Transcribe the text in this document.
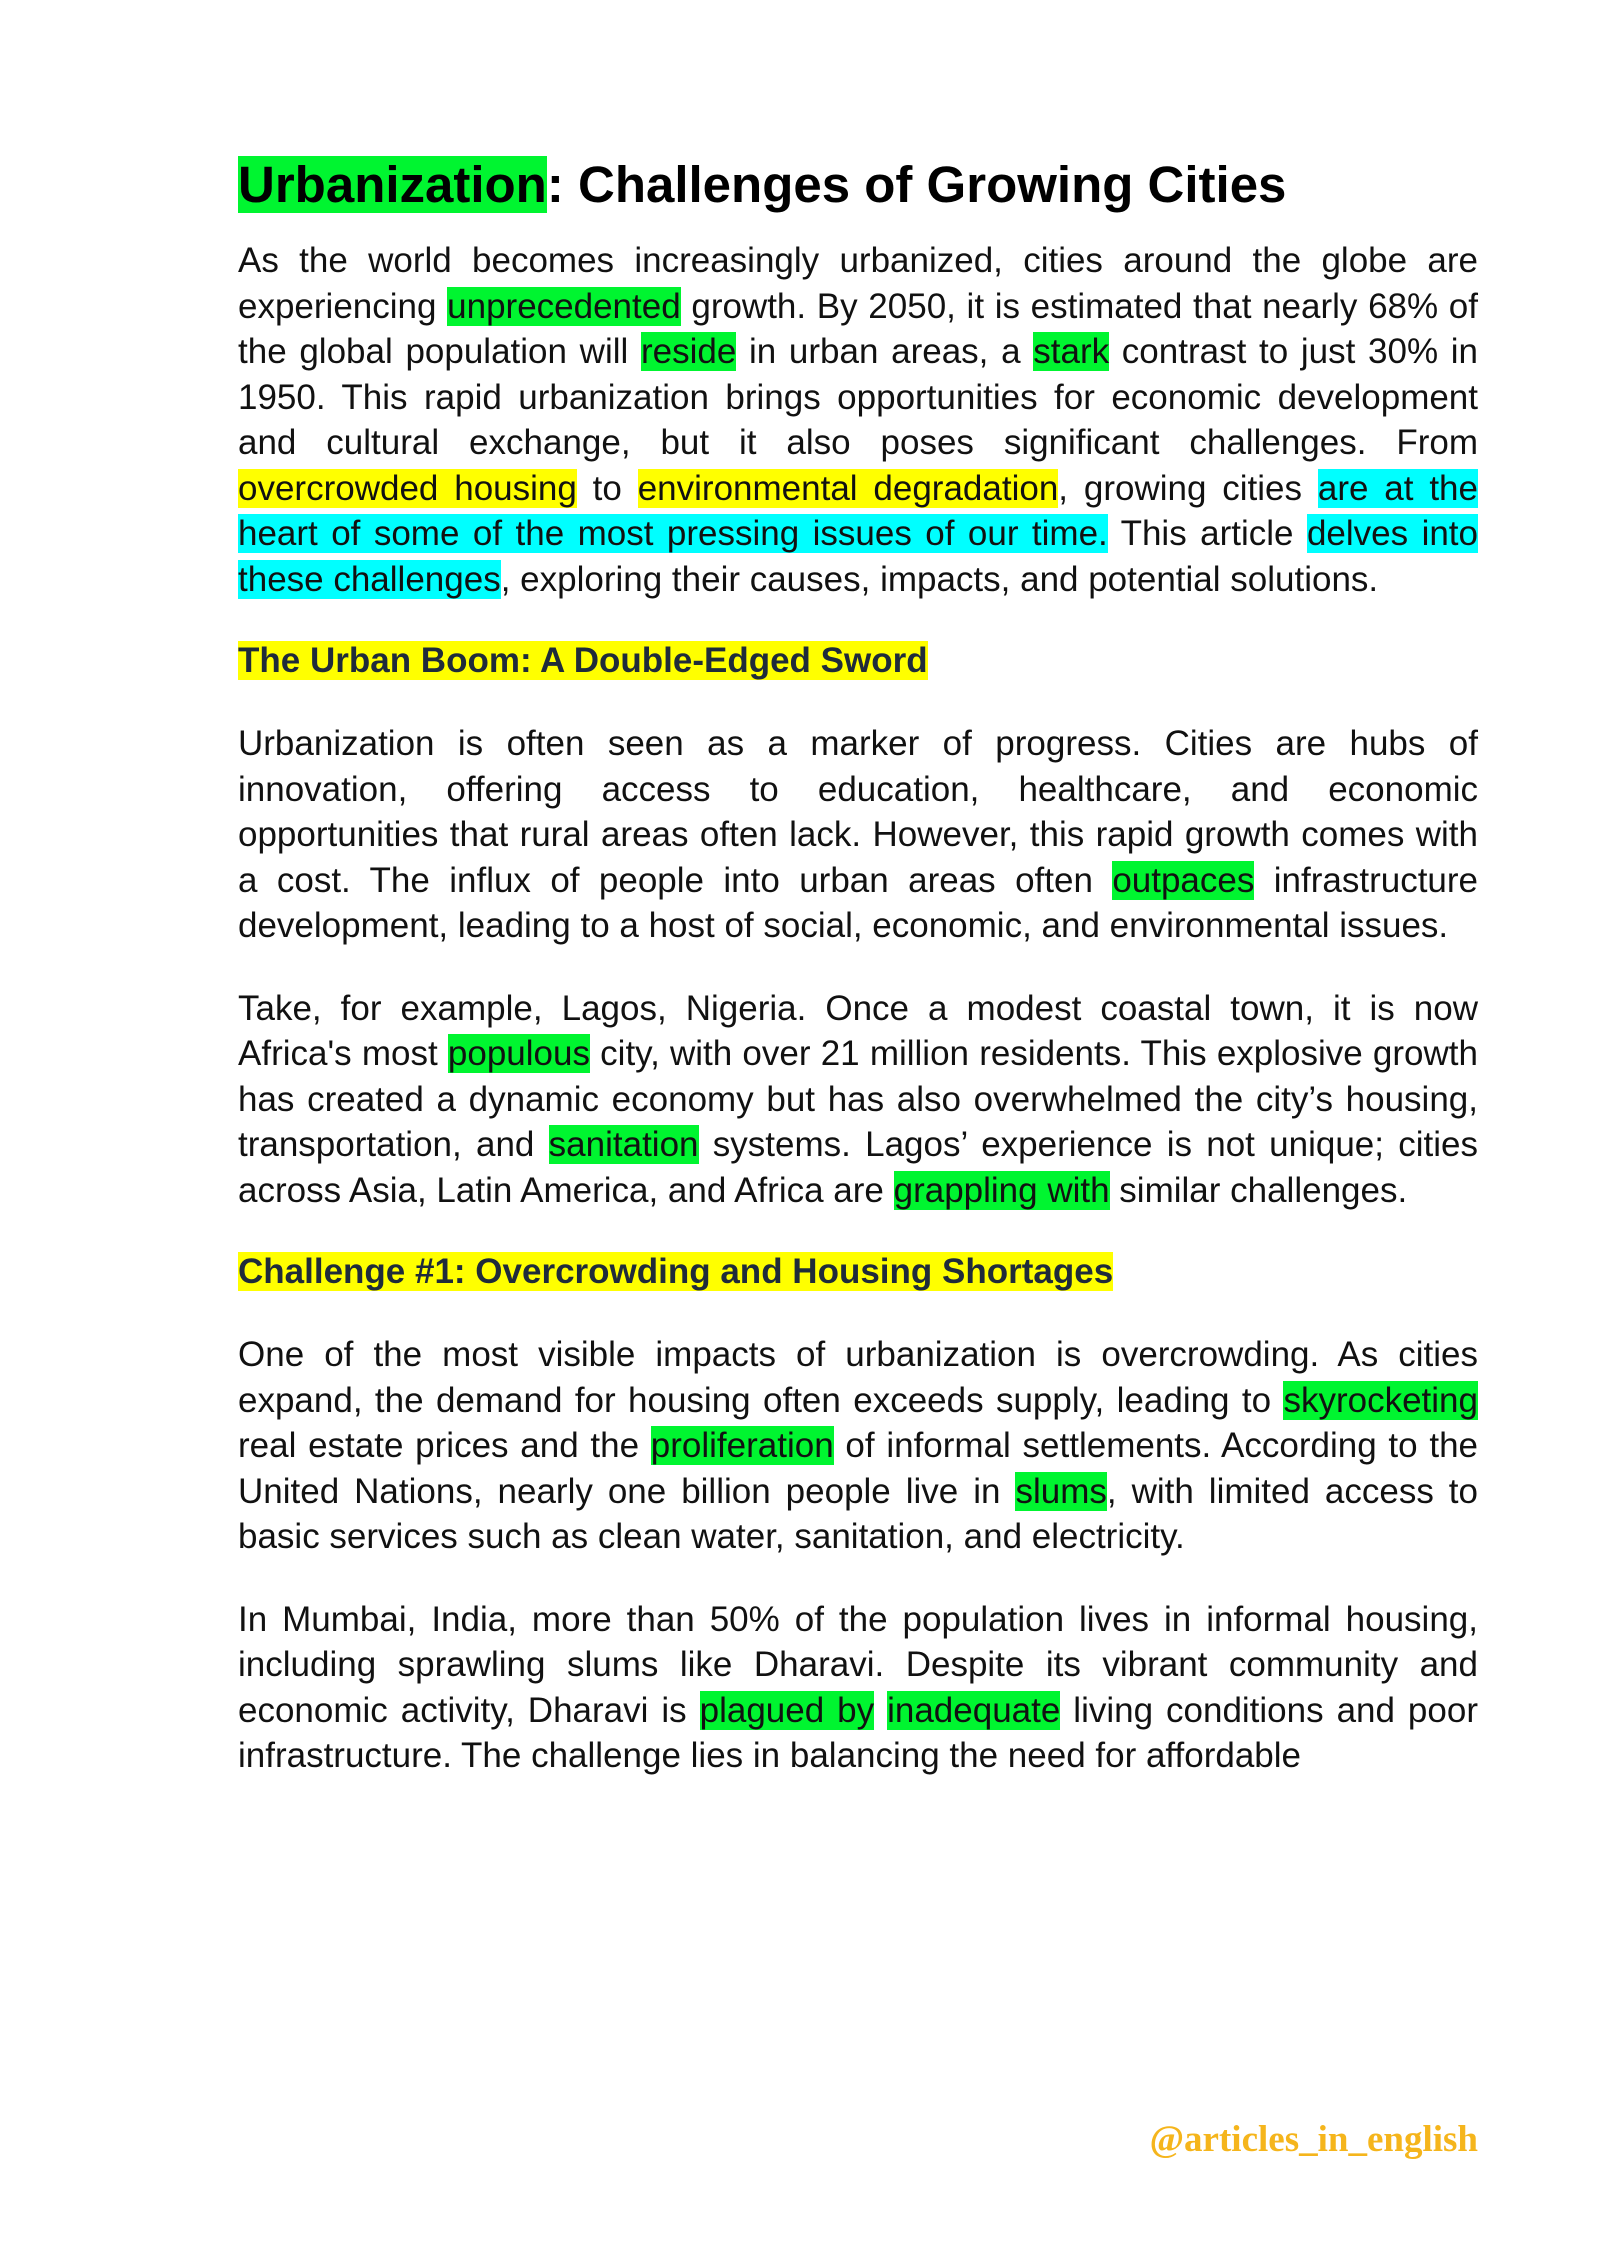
Urbanization: Challenges of Growing Cities

As the world becomes increasingly urbanized, cities around the globe are experiencing unprecedented growth. By 2050, it is estimated that nearly 68% of the global population will reside in urban areas, a stark contrast to just 30% in 1950. This rapid urbanization brings opportunities for economic development and cultural exchange, but it also poses significant challenges. From overcrowded housing to environmental degradation, growing cities are at the heart of some of the most pressing issues of our time. This article delves into these challenges, exploring their causes, impacts, and potential solutions.

The Urban Boom: A Double-Edged Sword

Urbanization is often seen as a marker of progress. Cities are hubs of innovation, offering access to education, healthcare, and economic opportunities that rural areas often lack. However, this rapid growth comes with a cost. The influx of people into urban areas often outpaces infrastructure development, leading to a host of social, economic, and environmental issues.

Take, for example, Lagos, Nigeria. Once a modest coastal town, it is now Africa's most populous city, with over 21 million residents. This explosive growth has created a dynamic economy but has also overwhelmed the city’s housing, transportation, and sanitation systems. Lagos’ experience is not unique; cities across Asia, Latin America, and Africa are grappling with similar challenges.

Challenge #1: Overcrowding and Housing Shortages

One of the most visible impacts of urbanization is overcrowding. As cities expand, the demand for housing often exceeds supply, leading to skyrocketing real estate prices and the proliferation of informal settlements. According to the United Nations, nearly one billion people live in slums, with limited access to basic services such as clean water, sanitation, and electricity.

In Mumbai, India, more than 50% of the population lives in informal housing, including sprawling slums like Dharavi. Despite its vibrant community and economic activity, Dharavi is plagued by inadequate living conditions and poor infrastructure. The challenge lies in balancing the need for affordable

@articles_in_english
